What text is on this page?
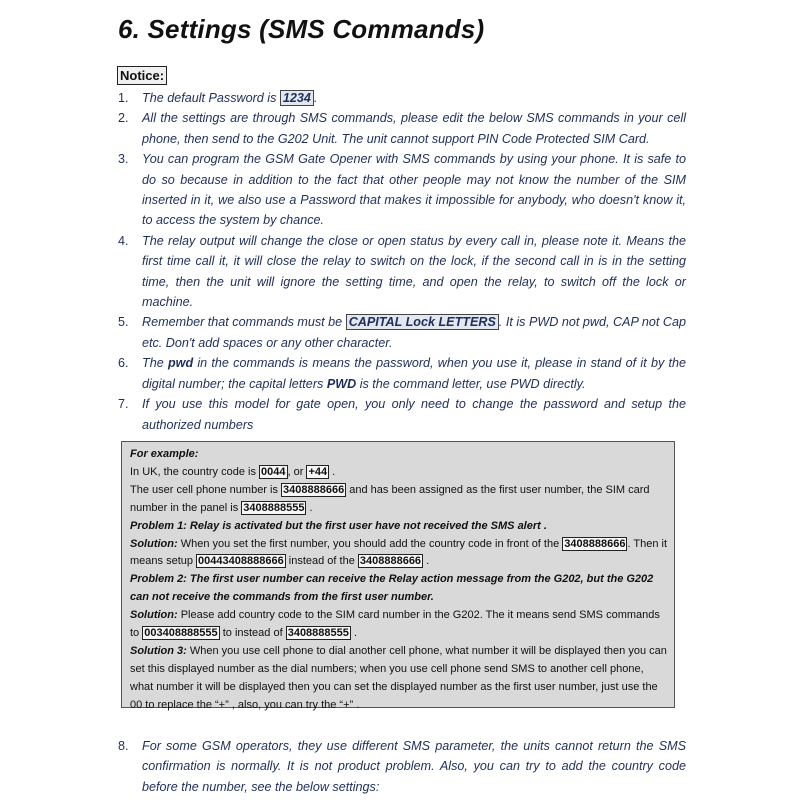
6. Settings (SMS Commands)
Notice:
1. The default Password is 1234 .
2. All the settings are through SMS commands, please edit the below SMS commands in your cell phone, then send to the G202 Unit. The unit cannot support PIN Code Protected SIM Card.
3. You can program the GSM Gate Opener with SMS commands by using your phone. It is safe to do so because in addition to the fact that other people may not know the number of the SIM inserted in it, we also use a Password that makes it impossible for anybody, who doesn't know it, to access the system by chance.
4. The relay output will change the close or open status by every call in, please note it. Means the first time call it, it will close the relay to switch on the lock, if the second call in is in the setting time, then the unit will ignore the setting time, and open the relay, to switch off the lock or machine.
5. Remember that commands must be CAPITAL Lock LETTERS . It is PWD not pwd, CAP not Cap etc. Don't add spaces or any other character.
6. The pwd in the commands is means the password, when you use it, please in stand of it by the digital number; the capital letters PWD is the command letter, use PWD directly.
7. If you use this model for gate open, you only need to change the password and setup the authorized numbers
For example:
In UK, the country code is 0044 , or +44 .
The user cell phone number is 3408888666 and has been assigned as the first user number, the SIM card number in the panel is 3408888555 .
Problem 1: Relay is activated but the first user have not received the SMS alert .
Solution: When you set the first number, you should add the country code in front of the 3408888666 . Then it means setup 00443408888666 instead of the 3408888666 .
Problem 2: The first user number can receive the Relay action message from the G202, but the G202 can not receive the commands from the first user number.
Solution: Please add country code to the SIM card number in the G202. The it means send SMS commands to 003408888555 to instead of 3408888555 .
Solution 3: When you use cell phone to dial another cell phone, what number it will be displayed then you can set this displayed number as the dial numbers; when you use cell phone send SMS to another cell phone, what number it will be displayed then you can set the displayed number as the first user number, just use the 00 to replace the “+” , also, you can try the “+” .
8. For some GSM operators, they use different SMS parameter, the units cannot return the SMS confirmation is normally. It is not product problem. Also, you can try to add the country code before the number, see the below settings:
